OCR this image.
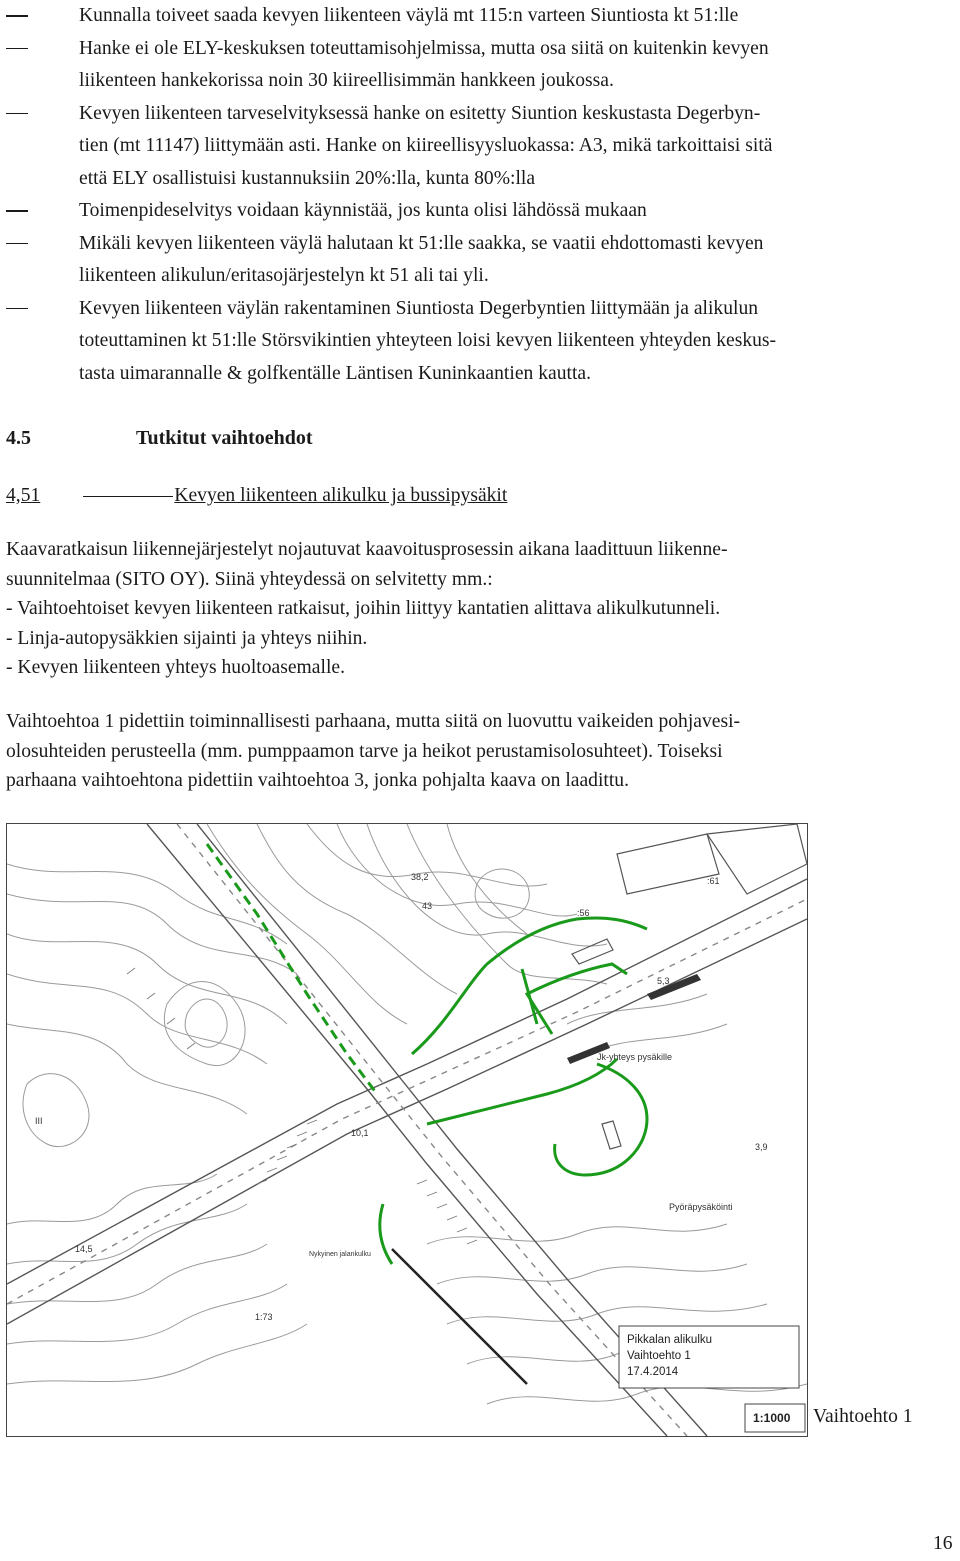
Kunnalla toiveet saada kevyen liikenteen väylä mt 115:n varteen Siuntiosta kt 51:lle
Hanke ei ole ELY-keskuksen toteuttamisohjelmissa, mutta osa siitä on kuitenkin kevyen
liikenteen hankekorissa noin 30 kiireellisimmän hankkeen joukossa.
Kevyen liikenteen tarveselvityksessä hanke on esitetty Siuntion keskustasta Degerbyn-
tien (mt 11147) liittymään asti. Hanke on kiireellisyysluokassa: A3, mikä tarkoittaisi sitä
että ELY osallistuisi kustannuksiin 20%:lla, kunta 80%:lla
Toimenpideselvitys voidaan käynnistää, jos kunta olisi lähdössä mukaan
Mikäli kevyen liikenteen väylä halutaan kt 51:lle saakka, se vaatii ehdottomasti kevyen
liikenteen alikulun/eritasojärjestelyn kt 51 ali tai yli.
Kevyen liikenteen väylän rakentaminen Siuntiosta Degerbyntien liittymään ja alikulun
toteuttaminen kt 51:lle Störsvikintien yhteyteen loisi kevyen liikenteen yhteyden keskus-
tasta uimarannalle & golfkentälle Läntisen Kuninkaantien kautta.
4.5	Tutkitut vaihtoehdot
4,51	Kevyen liikenteen alikulku ja bussipysäkit
Kaavaratkaisun liikennejärjestelyt nojautuvat kaavoitusprosessin aikana laadittuun liikenne-
suunnitelmaa (SITO OY). Siinä yhteydessä on selvitetty mm.:
- Vaihtoehtoiset kevyen liikenteen ratkaisut, joihin liittyy kantatien alittava alikulkutunneli.
- Linja-autopysäkkien sijainti ja yhteys niihin.
- Kevyen liikenteen yhteys huoltoasemalle.
Vaihtoehtoa 1 pidettiin toiminnallisesti parhaana, mutta siitä on luovuttu vaikeiden pohjavesi-
olosuhteiden perusteella (mm. pumppaamon tarve ja heikot perustamisolosuhteet). Toiseksi
parhaana vaihtoehtona pidettiin vaihtoehtoa 3, jonka pohjalta kaava on laadittu.
38,2
43
:56
:61
5,3
10,1
3,9
14,5
1:73
Jk-yhteys pysäkille
Pyöräpysäköinti
Nykyinen jalankulku
III
Pikkalan alikulku
Vaihtoehto 1
17.4.2014
1:1000 Vaihtoehto 1
16
